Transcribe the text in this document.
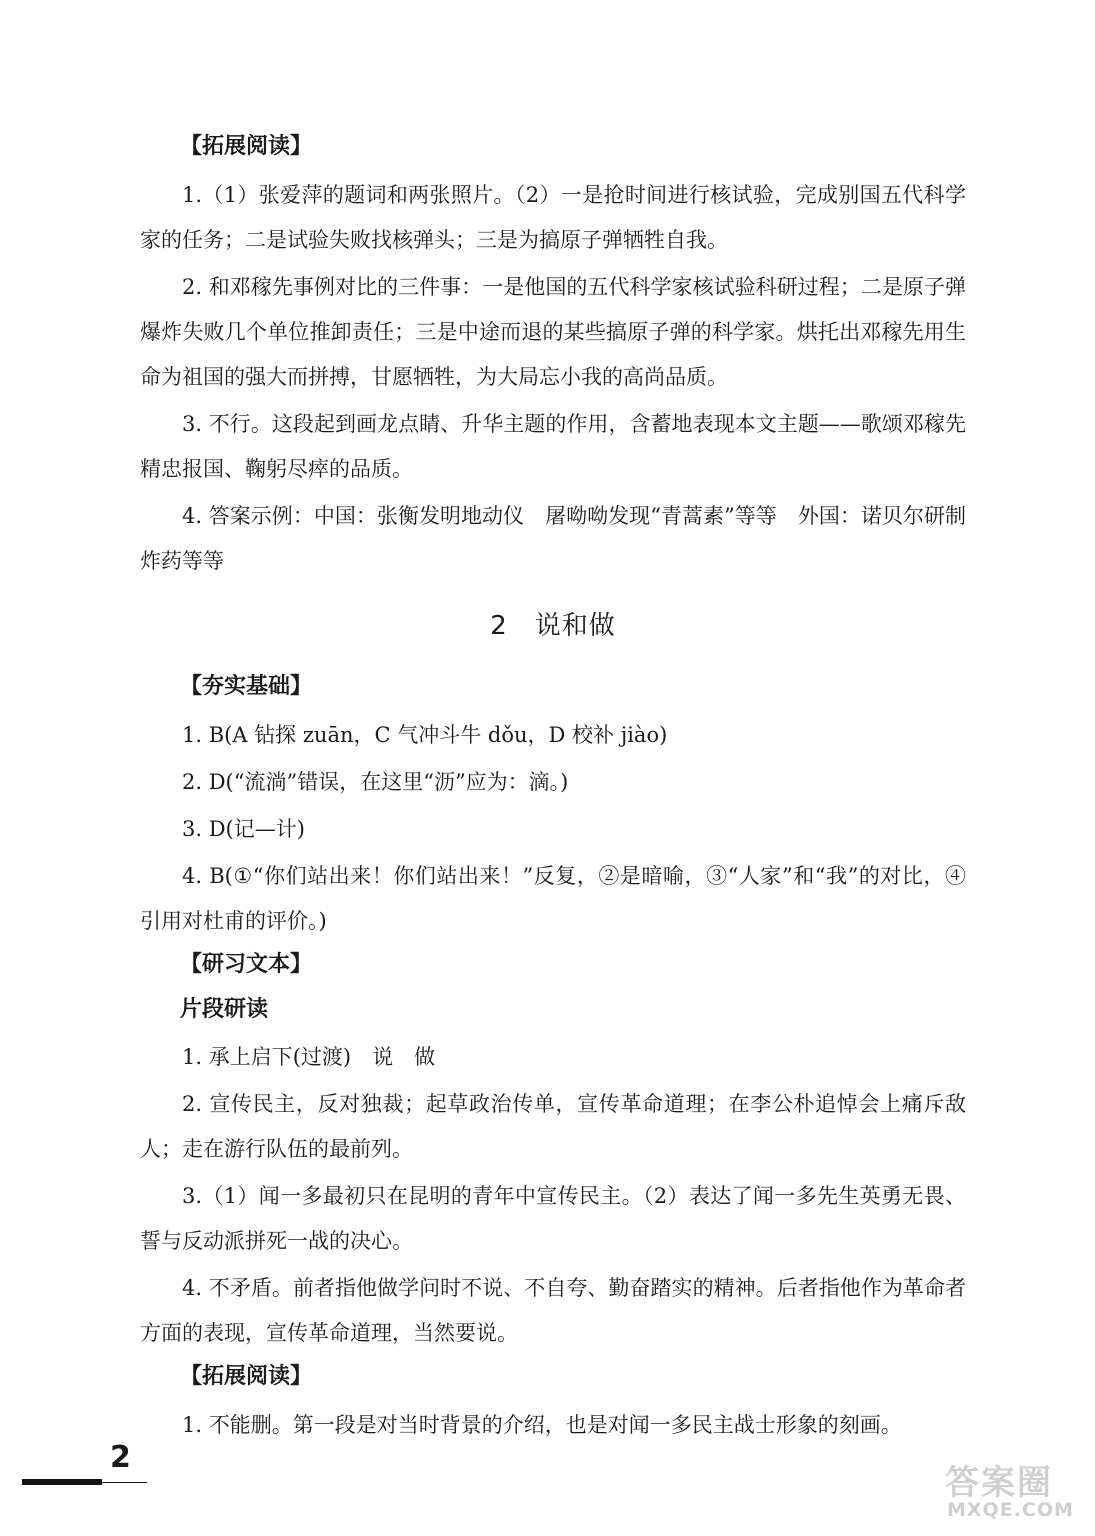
【拓展阅读】
1.（1）张爱萍的题词和两张照片。（2）一是抢时间进行核试验，完成别国五代科学家的任务；二是试验失败找核弹头；三是为搞原子弹牺牲自我。
2. 和邓稼先事例对比的三件事：一是他国的五代科学家核试验科研过程；二是原子弹爆炸失败几个单位推卸责任；三是中途而退的某些搞原子弹的科学家。烘托出邓稼先用生命为祖国的强大而拼搏，甘愿牺牲，为大局忘小我的高尚品质。
3. 不行。这段起到画龙点睛、升华主题的作用，含蓄地表现本文主题——歌颂邓稼先精忠报国、鞠躬尽瘁的品质。
4. 答案示例：中国：张衡发明地动仪　屠呦呦发现“青蒿素”等等　外国：诺贝尔研制炸药等等
2　说和做
【夯实基础】
1. B(A 钻探 zuān，C 气冲斗牛 dǒu，D 校补 jiào)
2. D(“流淌”错误，在这里“沥”应为：滴。)
3. D(记—计)
4. B(①“你们站出来！你们站出来！”反复，②是暗喻，③“人家”和“我”的对比，④引用对杜甫的评价。)
【研习文本】
片段研读
1. 承上启下(过渡)　说　做
2. 宣传民主，反对独裁；起草政治传单，宣传革命道理；在李公朴追悼会上痛斥敌人；走在游行队伍的最前列。
3.（1）闻一多最初只在昆明的青年中宣传民主。（2）表达了闻一多先生英勇无畏、誓与反动派拼死一战的决心。
4. 不矛盾。前者指他做学问时不说、不自夸、勤奋踏实的精神。后者指他作为革命者方面的表现，宣传革命道理，当然要说。
【拓展阅读】
1. 不能删。第一段是对当时背景的介绍，也是对闻一多民主战士形象的刻画。
2
答案圈
MXQE.COM
